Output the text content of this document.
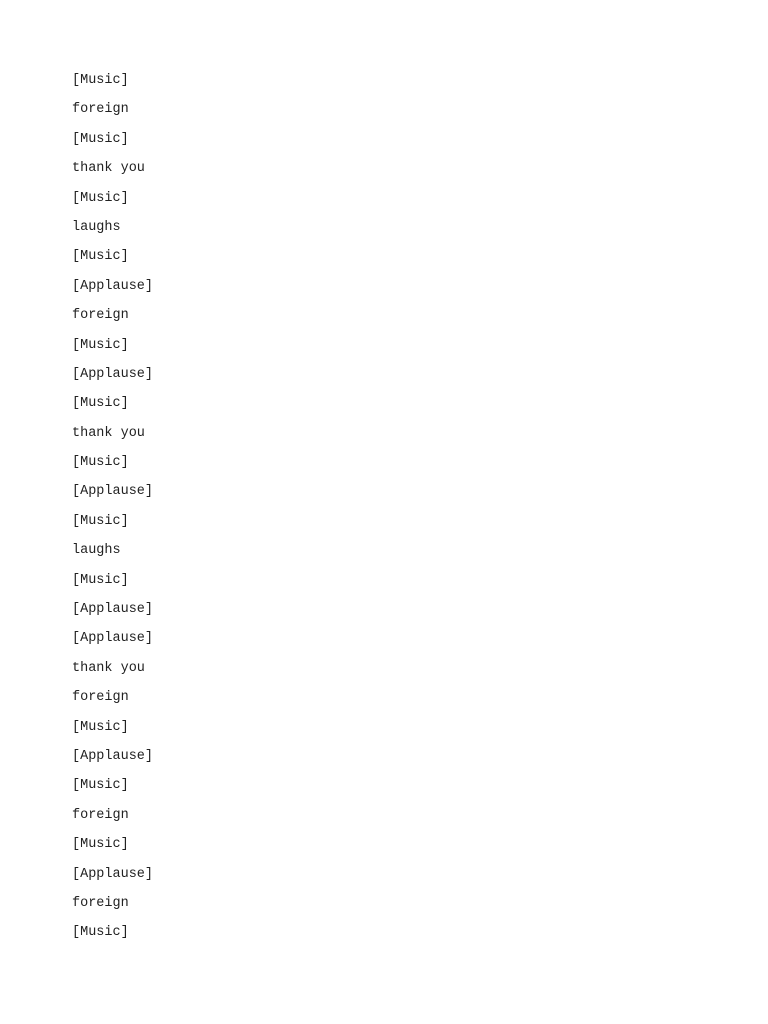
[Music]
foreign
[Music]
thank you
[Music]
laughs
[Music]
[Applause]
foreign
[Music]
[Applause]
[Music]
thank you
[Music]
[Applause]
[Music]
laughs
[Music]
[Applause]
[Applause]
thank you
foreign
[Music]
[Applause]
[Music]
foreign
[Music]
[Applause]
foreign
[Music]
